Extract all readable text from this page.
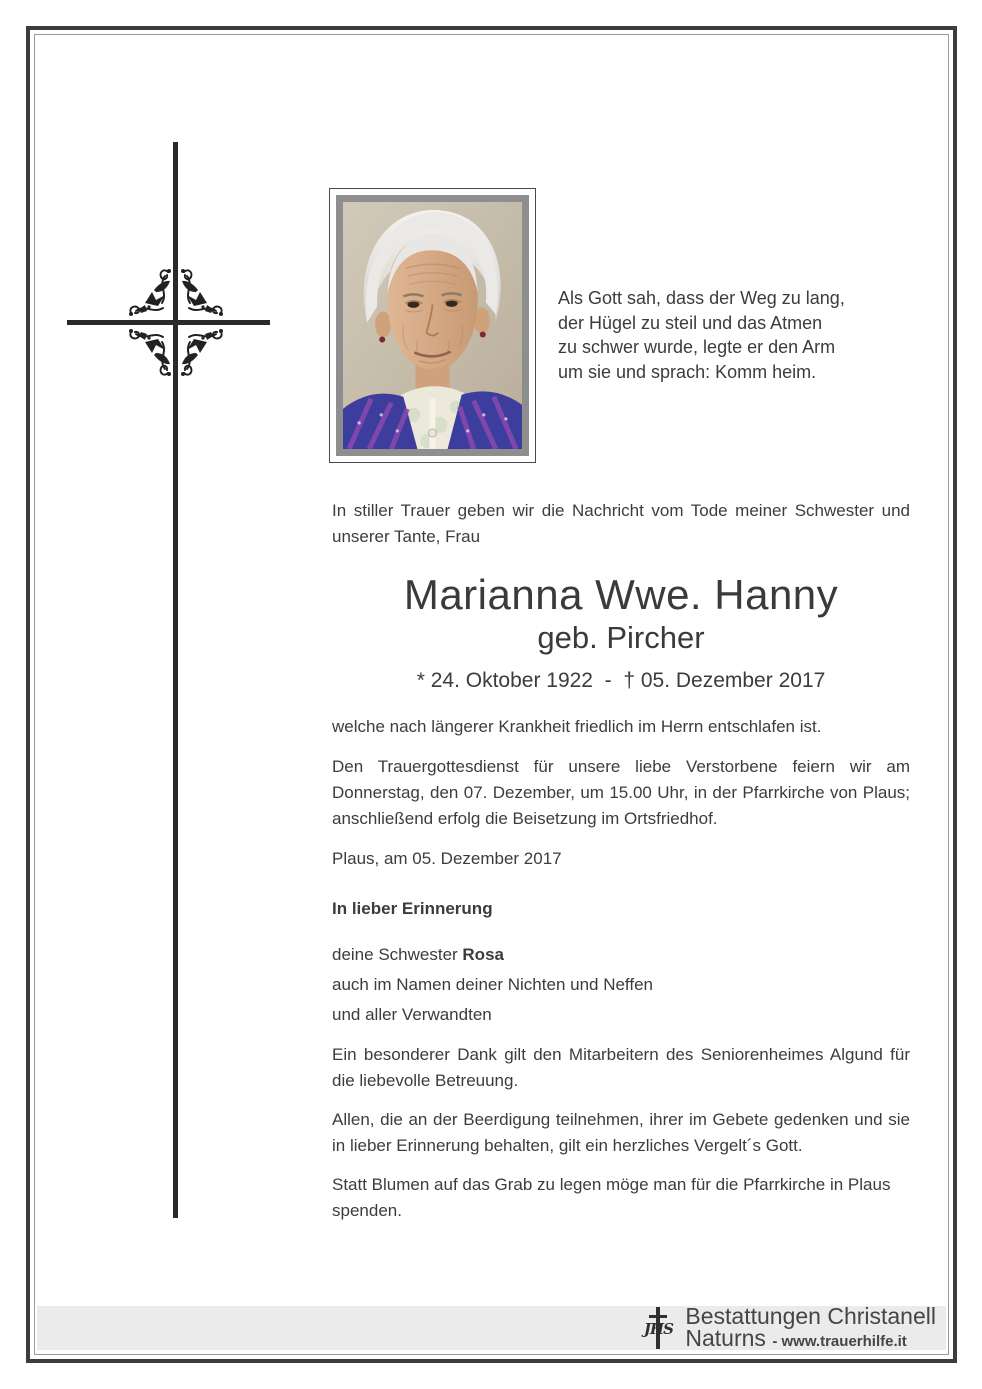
Als Gott sah, dass der Weg zu lang,
der Hügel zu steil und das Atmen
zu schwer wurde, legte er den Arm
um sie und sprach: Komm heim.

In stiller Trauer geben wir die Nachricht vom Tode meiner Schwester und unserer Tante, Frau

Marianna Wwe. Hanny
geb. Pircher
* 24. Oktober 1922  -  † 05. Dezember 2017

welche nach längerer Krankheit friedlich im Herrn entschlafen ist.

Den Trauergottesdienst für unsere liebe Verstorbene feiern wir am Donnerstag, den 07. Dezember, um 15.00 Uhr, in der Pfarrkirche von Plaus; anschließend erfolg die Beisetzung im Ortsfriedhof.

Plaus, am 05. Dezember 2017

In lieber Erinnerung

deine Schwester Rosa

auch im Namen deiner Nichten und Neffen

und aller Verwandten

Ein besonderer Dank gilt den Mitarbeitern des Seniorenheimes Algund für die liebevolle Betreuung.

Allen, die an der Beerdigung teilnehmen, ihrer im Gebete gedenken und sie in lieber Erinnerung behalten, gilt ein herzliches Vergelt´s Gott.

Statt Blumen auf das Grab zu legen möge man für die Pfarrkirche in Plaus spenden.

JHS Bestattungen Christanell
Naturns - www.trauerhilfe.it
